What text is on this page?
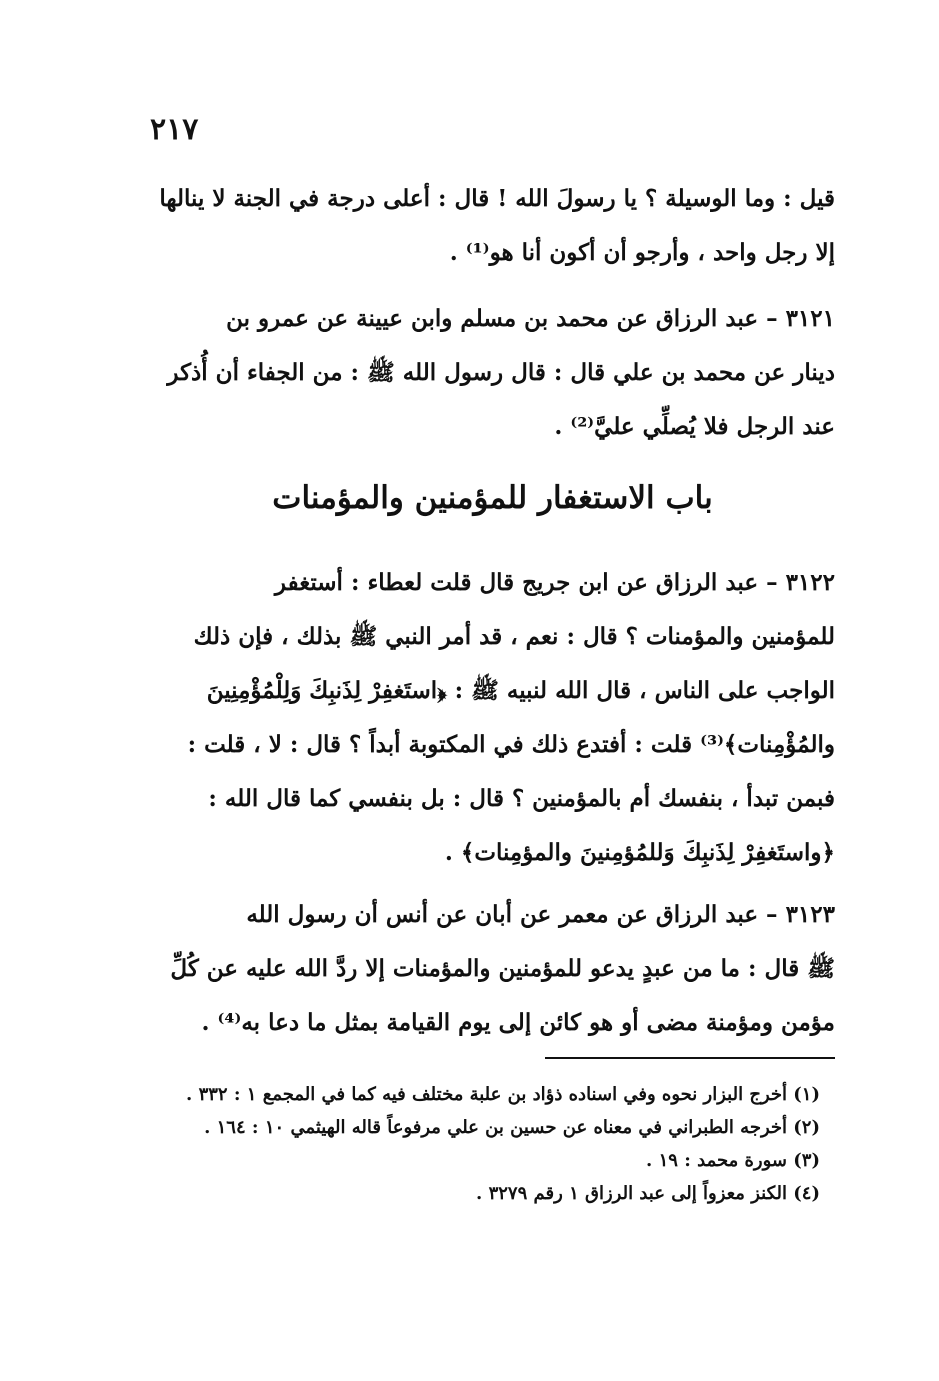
٢١٧
قيل : وما الوسيلة ؟ يا رسولَ الله ! قال : أعلى درجة في الجنة لا ينالها
إلا رجل واحد ، وأرجو أن أكون أنا هو⁽¹⁾ .
٣١٢١ – عبد الرزاق عن محمد بن مسلم وابن عيينة عن عمرو بن
دينار عن محمد بن علي قال : قال رسول الله ﷺ : من الجفاء أن أُذكر
عند الرجل فلا يُصلِّي عليَّ⁽²⁾ .
باب الاستغفار للمؤمنين والمؤمنات
٣١٢٢ – عبد الرزاق عن ابن جريج قال قلت لعطاء : أستغفر
للمؤمنين والمؤمنات ؟ قال : نعم ، قد أمر النبي ﷺ بذلك ، فإن ذلك
الواجب على الناس ، قال الله لنبيه ﷺ : ﴿استَغفِرْ لِذَنبِكَ وَلِلْمُؤْمِنِينَ
والمُؤْمِنات﴾⁽³⁾ قلت : أفتدع ذلك في المكتوبة أبداً ؟ قال : لا ، قلت :
فبمن تبدأ ، بنفسك أم بالمؤمنين ؟ قال : بل بنفسي كما قال الله :
﴿واستَغفِرْ لِذَنبِكَ وَللمُؤمِنينَ والمؤمِنات﴾ .
٣١٢٣ – عبد الرزاق عن معمر عن أبان عن أنس أن رسول الله
ﷺ قال : ما من عبدٍ يدعو للمؤمنين والمؤمنات إلا ردَّ الله عليه عن كُلِّ
مؤمن ومؤمنة مضى أو هو كائن إلى يوم القيامة بمثل ما دعا به⁽⁴⁾ .
(١) أخرج البزار نحوه وفي اسناده ذؤاد بن علبة مختلف فيه كما في المجمع ١ : ٣٣٢ .
(٢) أخرجه الطبراني في معناه عن حسين بن علي مرفوعاً قاله الهيثمي ١٠ : ١٦٤ .
(٣) سورة محمد : ١٩ .
(٤) الكنز معزواً إلى عبد الرزاق ١ رقم ٣٢٧٩ .
